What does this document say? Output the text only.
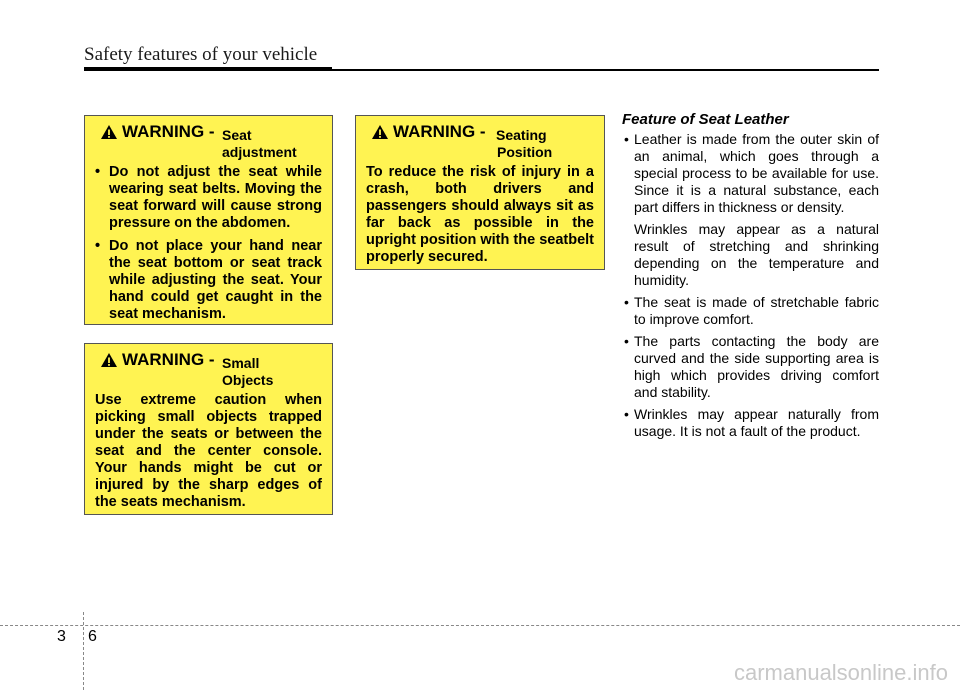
Safety features of your vehicle
WARNING - Seat
adjustment
• Do not adjust the seat while wearing seat belts. Moving the seat forward will cause strong pressure on the abdomen.
• Do not place your hand near the seat bottom or seat track while adjusting the seat. Your hand could get caught in the seat mechanism.
WARNING - Small
Objects

Use extreme caution when picking small objects trapped under the seats or between the seat and the center console. Your hands might be cut or injured by the sharp edges of the seats mechanism.

WARNING - Seating
Position

To reduce the risk of injury in a crash, both drivers and passengers should always sit as far back as possible in the upright position with the seatbelt properly secured.

Feature of Seat Leather
• Leather is made from the outer skin of an animal, which goes through a special process to be available for use. Since it is a natural substance, each part differs in thickness or density.
Wrinkles may appear as a natural result of stretching and shrinking depending on the temperature and humidity.
• The seat is made of stretchable fabric to improve comfort.
• The parts contacting the body are curved and the side supporting area is high which provides driving comfort and stability.
• Wrinkles may appear naturally from usage. It is not a fault of the product.
3 6
carmanualsonline.info
